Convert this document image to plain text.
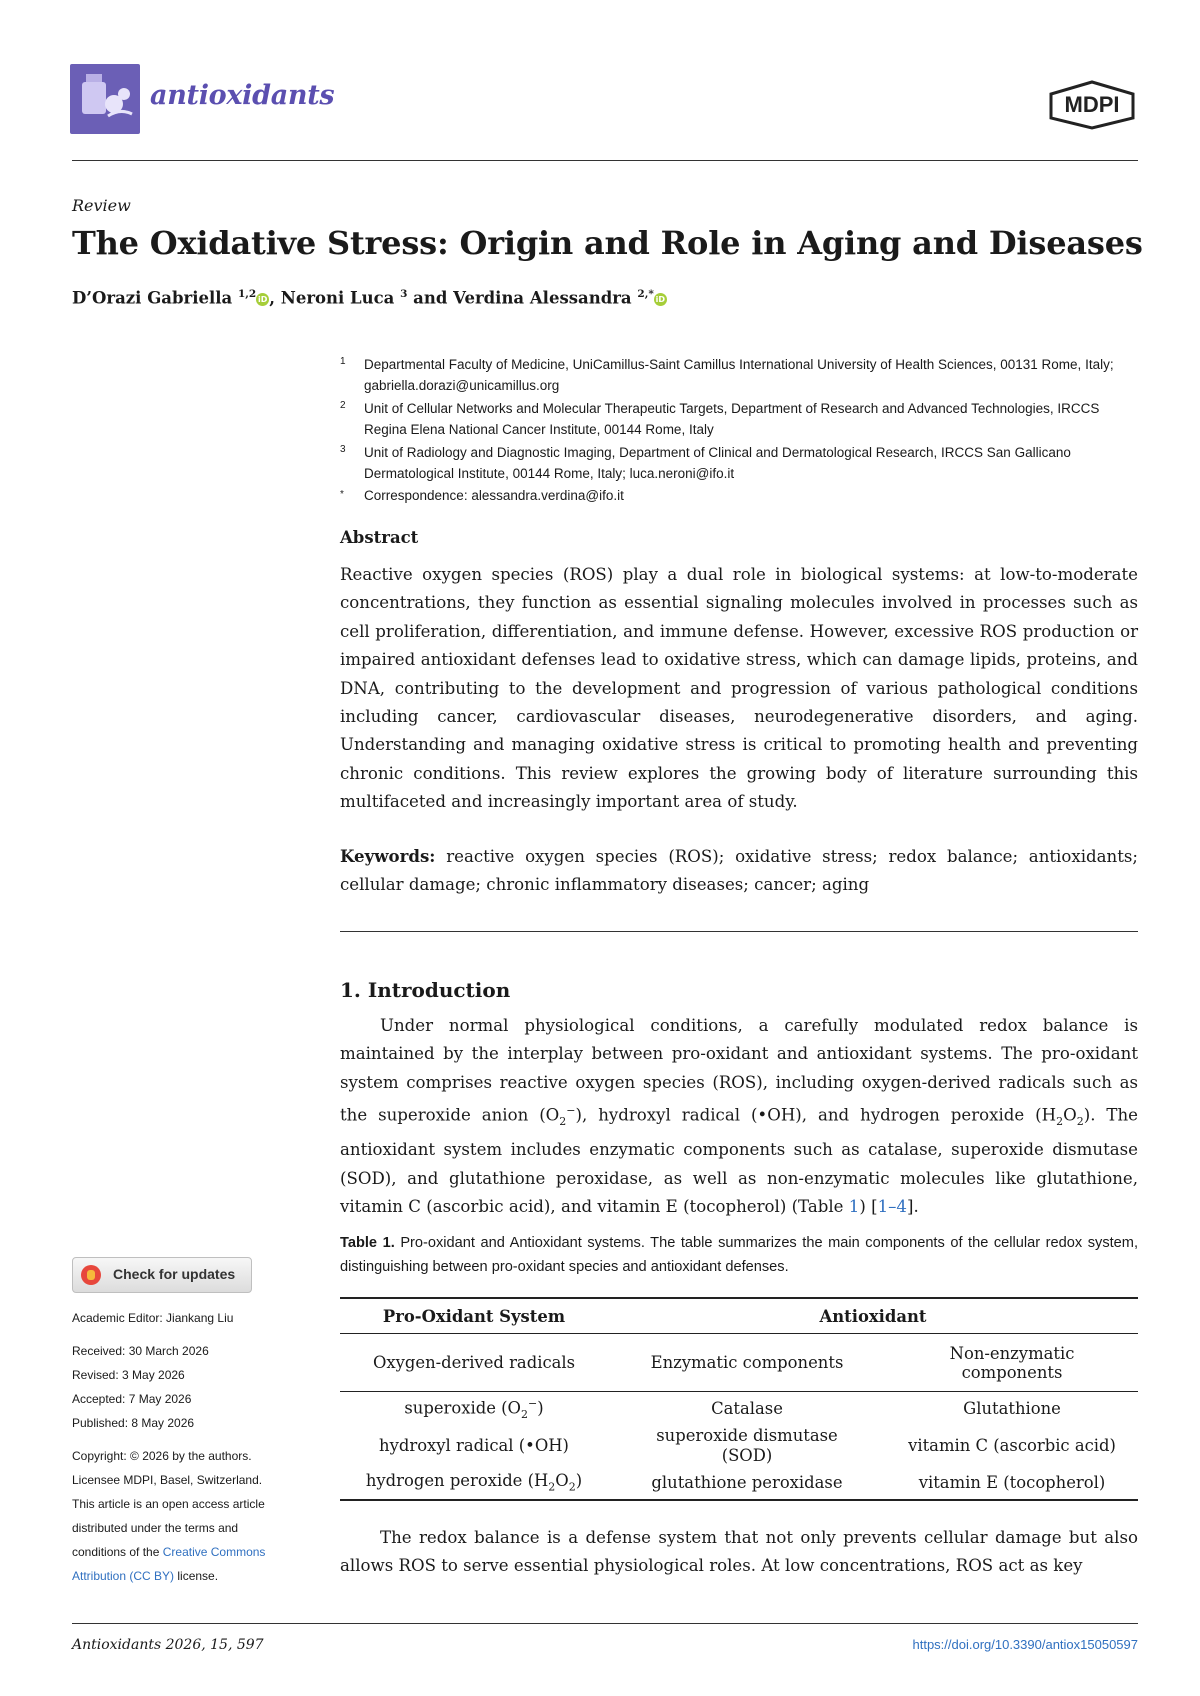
antioxidants	MDPI
Review
The Oxidative Stress: Origin and Role in Aging and Diseases
D’Orazi Gabriella $^{1,2}$ iD , Neroni Luca $^3$ and Verdina Alessandra $^{2,*}$ iD
1 Departmental Faculty of Medicine, UniCamillus-Saint Camillus International University of Health Sciences, 00131 Rome, Italy; gabriella.dorazi@unicamillus.org
2 Unit of Cellular Networks and Molecular Therapeutic Targets, Department of Research and Advanced Technologies, IRCCS Regina Elena National Cancer Institute, 00144 Rome, Italy
3 Unit of Radiology and Diagnostic Imaging, Department of Clinical and Dermatological Research, IRCCS San Gallicano Dermatological Institute, 00144 Rome, Italy; luca.neroni@ifo.it
* Correspondence: alessandra.verdina@ifo.it
Abstract
Reactive oxygen species (ROS) play a dual role in biological systems: at low-to-moderate concentrations, they function as essential signaling molecules involved in processes such as cell proliferation, differentiation, and immune defense. However, excessive ROS production or impaired antioxidant defenses lead to oxidative stress, which can damage lipids, proteins, and DNA, contributing to the development and progression of various pathological conditions including cancer, cardiovascular diseases, neurodegenerative disorders, and aging. Understanding and managing oxidative stress is critical to promoting health and preventing chronic conditions. This review explores the growing body of literature surrounding this multifaceted and increasingly important area of study.
Keywords: reactive oxygen species (ROS); oxidative stress; redox balance; antioxidants; cellular damage; chronic inflammatory diseases; cancer; aging
1. Introduction
Under normal physiological conditions, a carefully modulated redox balance is maintained by the interplay between pro-oxidant and antioxidant systems. The pro-oxidant system comprises reactive oxygen species (ROS), including oxygen-derived radicals such as the superoxide anion $(O_2^-)$, hydroxyl radical (•OH), and hydrogen peroxide $(H_2O_2)$. The antioxidant system includes enzymatic components such as catalase, superoxide dismutase (SOD), and glutathione peroxidase, as well as non-enzymatic molecules like glutathione, vitamin C (ascorbic acid), and vitamin E (tocopherol) (Table 1) [1–4].
Table 1. Pro-oxidant and Antioxidant systems. The table summarizes the main components of the cellular redox system, distinguishing between pro-oxidant species and antioxidant defenses.
Pro-Oxidant System	Antioxidant	
Oxygen-derived radicals	Enzymatic components	Non-enzymatic components
superoxide $(O_2^-)$	Catalase	Glutathione
hydroxyl radical (•OH)	superoxide dismutase (SOD)	vitamin C (ascorbic acid)
hydrogen peroxide $(H_2O_2)$	glutathione peroxidase	vitamin E (tocopherol)
The redox balance is a defense system that not only prevents cellular damage but also allows ROS to serve essential physiological roles. At low concentrations, ROS act as key
Check for updates
Academic Editor: Jiankang Liu
Received: 30 March 2026
Revised: 3 May 2026
Accepted: 7 May 2026
Published: 8 May 2026
Copyright: © 2026 by the authors.
Licensee MDPI, Basel, Switzerland.
This article is an open access article
distributed under the terms and
conditions of the Creative Commons
Attribution (CC BY) license.
Antioxidants 2026, 15, 597	https://doi.org/10.3390/antiox15050597
